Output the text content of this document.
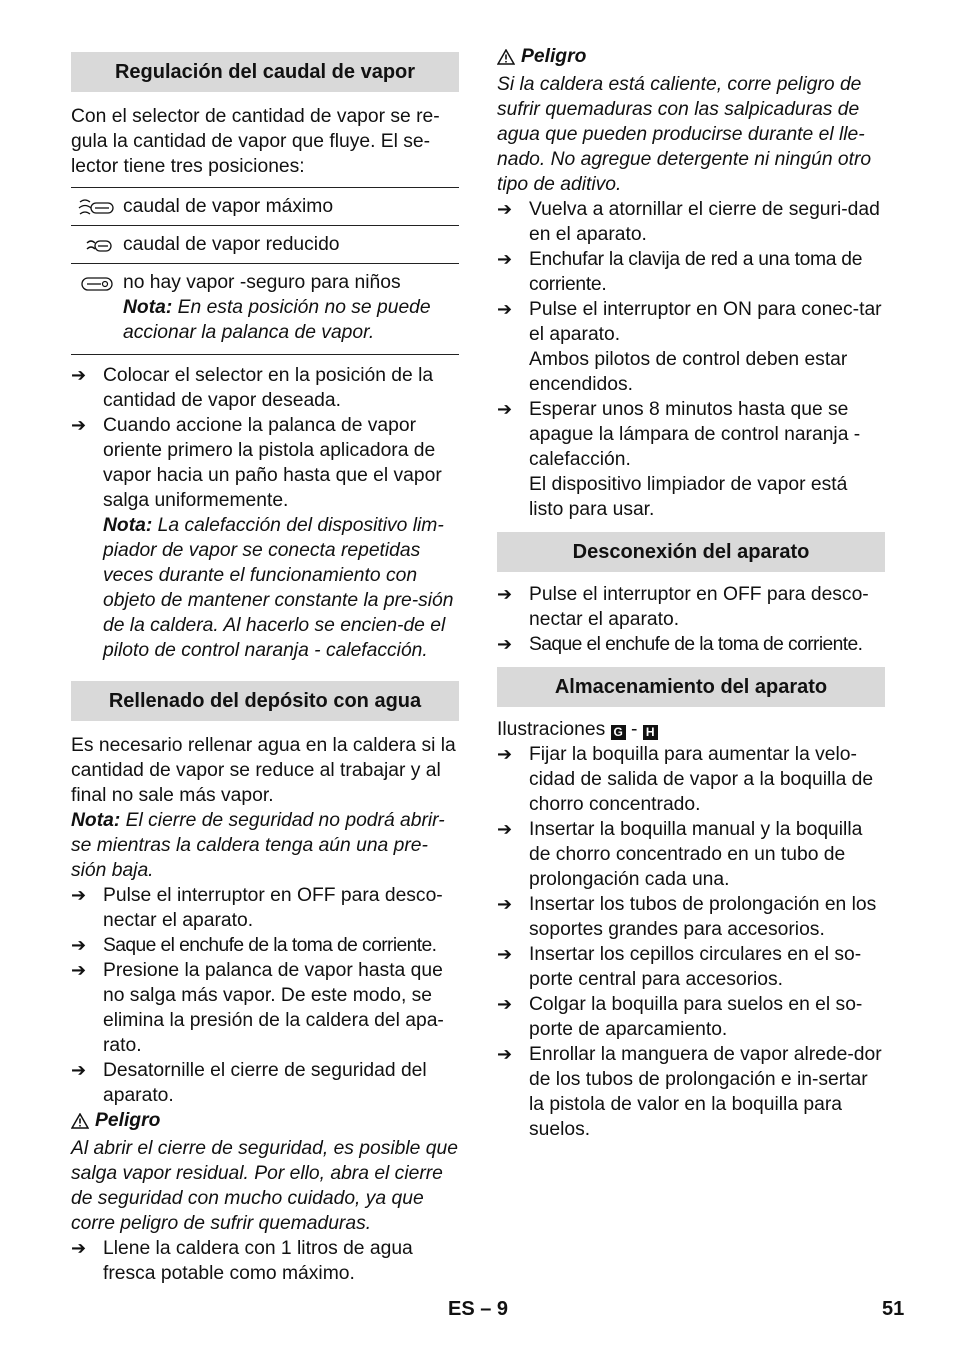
Regulación del caudal de vapor

Con el selector de cantidad de vapor se re-gula la cantidad de vapor que fluye. El se-lector tiene tres posiciones:

caudal de vapor máximo
caudal de vapor reducido
no hay vapor -seguro para niños
Nota: En esta posición no se puede accionar la palanca de vapor.
➔ Colocar el selector en la posición de la cantidad de vapor deseada.
➔ Cuando accione la palanca de vapor oriente primero la pistola aplicadora de vapor hacia un paño hasta que el vapor salga uniformemente.
Nota: La calefacción del dispositivo lim-piador de vapor se conecta repetidas veces durante el funcionamiento con objeto de mantener constante la pre-sión de la caldera. Al hacerlo se encien-de el piloto de control naranja - calefacción.
Rellenado del depósito con agua

Es necesario rellenar agua en la caldera si la cantidad de vapor se reduce al trabajar y al final no sale más vapor.

Nota: El cierre de seguridad no podrá abrir-se mientras la caldera tenga aún una pre-sión baja.

➔ Pulse el interruptor en OFF para desco-nectar el aparato.
➔ Saque el enchufe de la toma de corriente.
➔ Presione la palanca de vapor hasta que no salga más vapor. De este modo, se elimina la presión de la caldera del apa-rato.
➔ Desatornille el cierre de seguridad del aparato.
Peligro

Al abrir el cierre de seguridad, es posible que salga vapor residual. Por ello, abra el cierre de seguridad con mucho cuidado, ya que corre peligro de sufrir quemaduras.

➔ Llene la caldera con 1 litros de agua fresca potable como máximo.
Peligro

Si la caldera está caliente, corre peligro de sufrir quemaduras con las salpicaduras de agua que pueden producirse durante el lle-nado. No agregue detergente ni ningún otro tipo de aditivo.

➔ Vuelva a atornillar el cierre de seguri-dad en el aparato.
➔ Enchufar la clavija de red a una toma de corriente.
➔ Pulse el interruptor en ON para conec-tar el aparato.
Ambos pilotos de control deben estar encendidos.
➔ Esperar unos 8 minutos hasta que se apague la lámpara de control naranja - calefacción.
El dispositivo limpiador de vapor está listo para usar.
Desconexión del aparato
➔ Pulse el interruptor en OFF para desco-nectar el aparato.
➔ Saque el enchufe de la toma de corriente.
Almacenamiento del aparato

Ilustraciones G - H

➔ Fijar la boquilla para aumentar la velo-cidad de salida de vapor a la boquilla de chorro concentrado.
➔ Insertar la boquilla manual y la boquilla de chorro concentrado en un tubo de prolongación cada una.
➔ Insertar los tubos de prolongación en los soportes grandes para accesorios.
➔ Insertar los cepillos circulares en el so-porte central para accesorios.
➔ Colgar la boquilla para suelos en el so-porte de aparcamiento.
➔ Enrollar la manguera de vapor alrede-dor de los tubos de prolongación e in-sertar la pistola de valor en la boquilla para suelos.
ES – 9	51
